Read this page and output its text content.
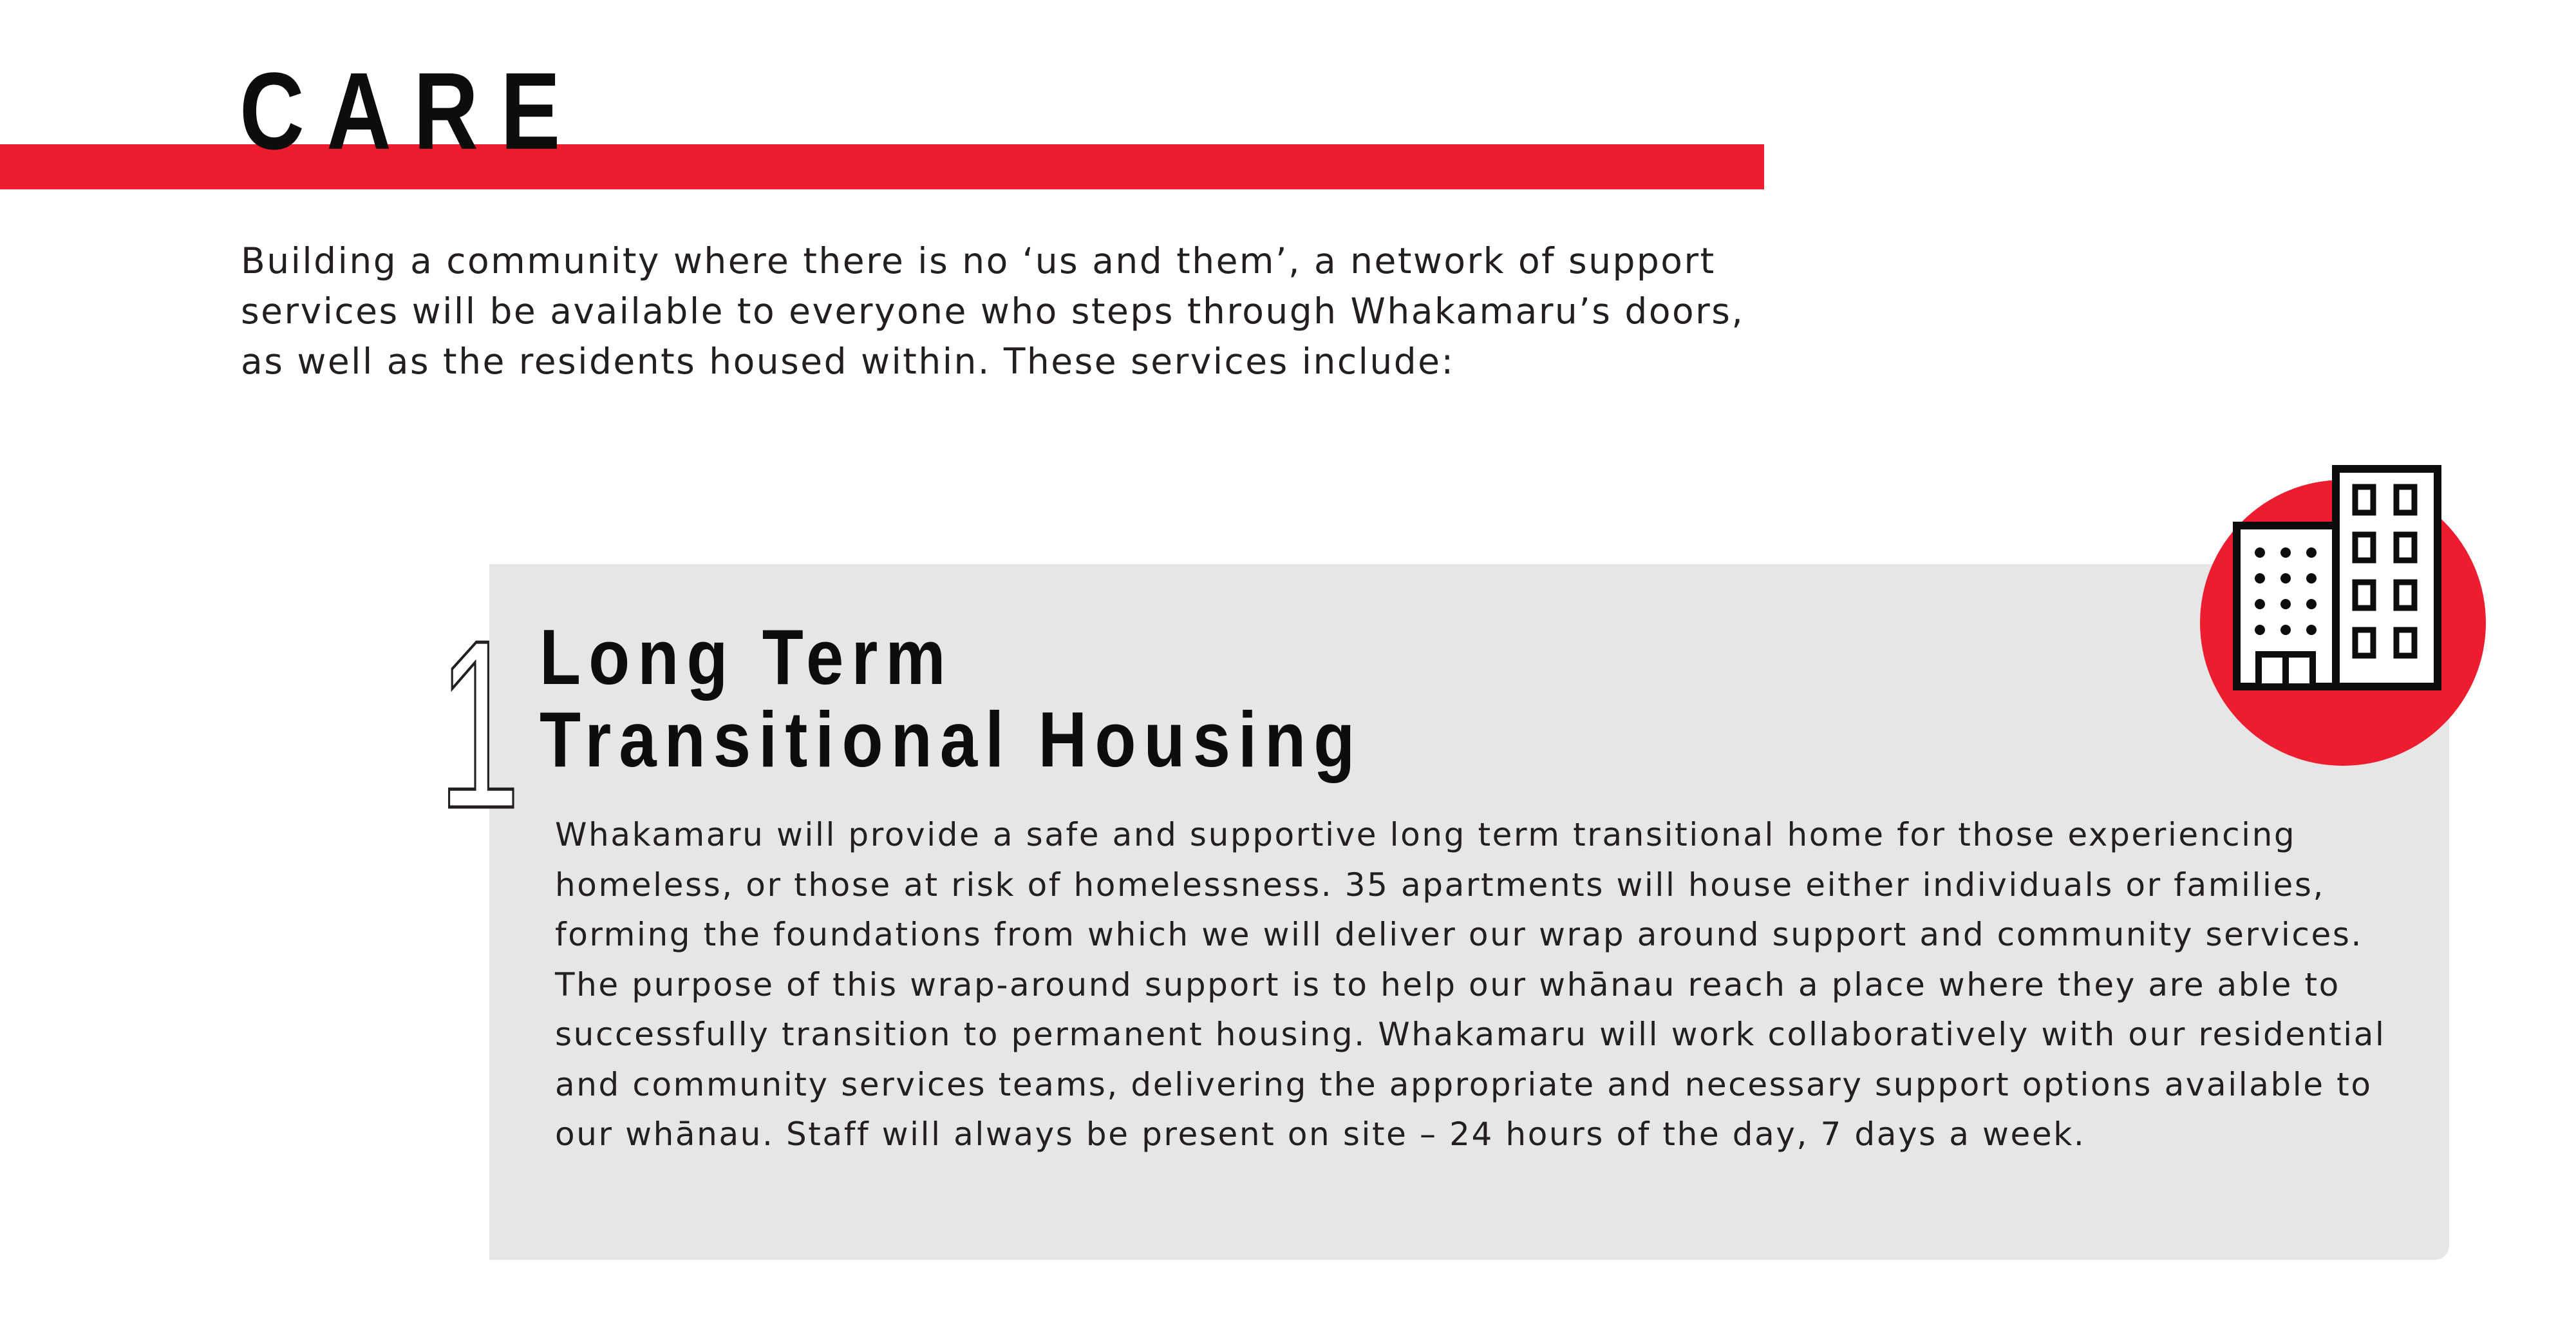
CARE

Building a community where there is no ‘us and them’, a network of support services will be available to everyone who steps through Whakamaru’s doors, as well as the residents housed within. These services include:

1 Long Term
Transitional Housing

Whakamaru will provide a safe and supportive long term transitional home for those experiencing homeless, or those at risk of homelessness. 35 apartments will house either individuals or families, forming the foundations from which we will deliver our wrap around support and community services. The purpose of this wrap-around support is to help our whānau reach a place where they are able to successfully transition to permanent housing. Whakamaru will work collaboratively with our residential and community services teams, delivering the appropriate and necessary support options available to our whānau. Staff will always be present on site – 24 hours of the day, 7 days a week.
